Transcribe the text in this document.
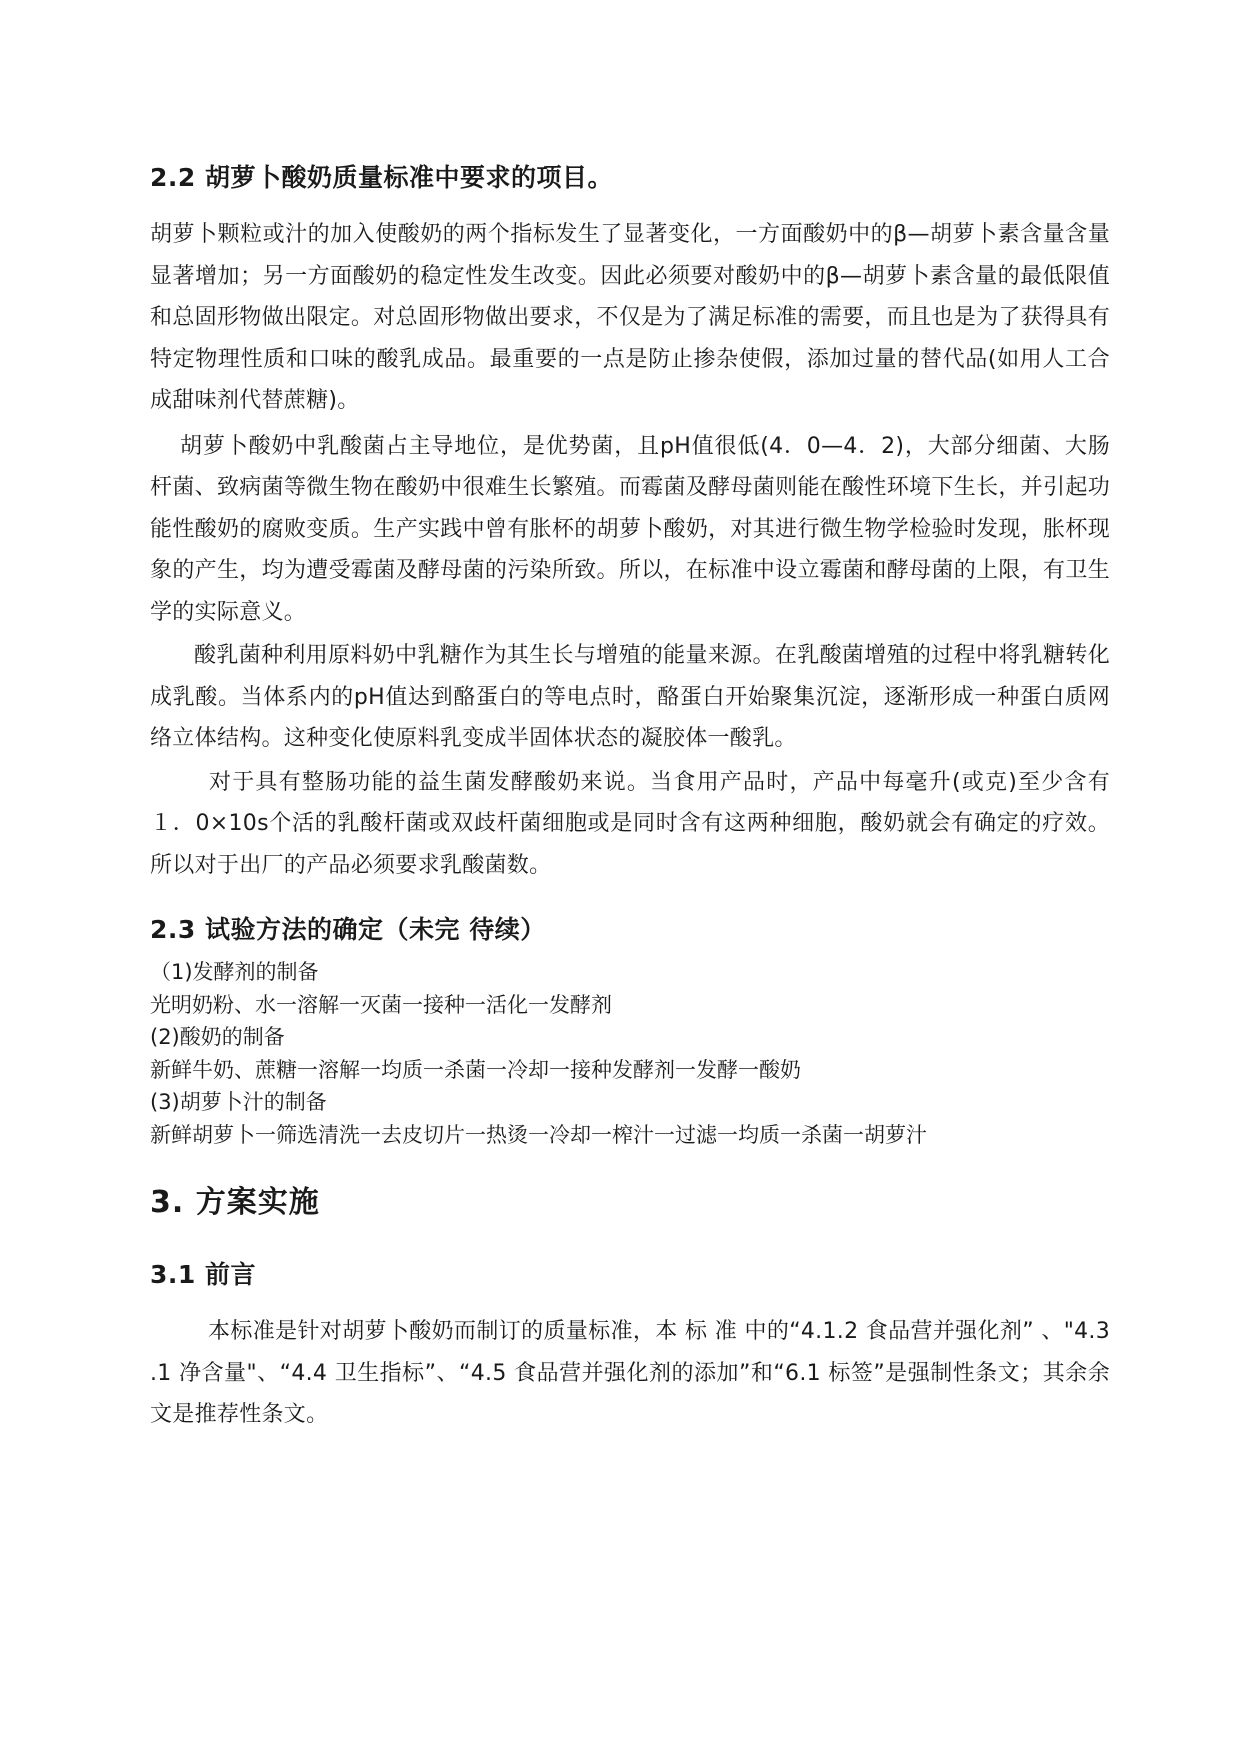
2.2 胡萝卜酸奶质量标准中要求的项目。

胡萝卜颗粒或汁的加入使酸奶的两个指标发生了显著变化，一方面酸奶中的β—胡萝卜素含量含量显著增加；另一方面酸奶的稳定性发生改变。因此必须要对酸奶中的β—胡萝卜素含量的最低限值和总固形物做出限定。对总固形物做出要求，不仅是为了满足标准的需要，而且也是为了获得具有特定物理性质和口味的酸乳成品。最重要的一点是防止掺杂使假，添加过量的替代品(如用人工合成甜味剂代替蔗糖)。

胡萝卜酸奶中乳酸菌占主导地位，是优势菌，且pH值很低(4．0—4．2)，大部分细菌、大肠杆菌、致病菌等微生物在酸奶中很难生长繁殖。而霉菌及酵母菌则能在酸性环境下生长，并引起功能性酸奶的腐败变质。生产实践中曾有胀杯的胡萝卜酸奶，对其进行微生物学检验时发现，胀杯现象的产生，均为遭受霉菌及酵母菌的污染所致。所以，在标准中设立霉菌和酵母菌的上限，有卫生学的实际意义。

酸乳菌种利用原料奶中乳糖作为其生长与增殖的能量来源。在乳酸菌增殖的过程中将乳糖转化成乳酸。当体系内的pH值达到酪蛋白的等电点时，酪蛋白开始聚集沉淀，逐渐形成一种蛋白质网络立体结构。这种变化使原料乳变成半固体状态的凝胶体一酸乳。

对于具有整肠功能的益生菌发酵酸奶来说。当食用产品时，产品中每毫升(或克)至少含有１．0×10s个活的乳酸杆菌或双歧杆菌细胞或是同时含有这两种细胞，酸奶就会有确定的疗效。所以对于出厂的产品必须要求乳酸菌数。

2.3 试验方法的确定（未完 待续）

（1)发酵剂的制备

光明奶粉、水一溶解一灭菌一接种一活化一发酵剂

(2)酸奶的制备

新鲜牛奶、蔗糖一溶解一均质一杀菌一冷却一接种发酵剂一发酵一酸奶

(3)胡萝卜汁的制备

新鲜胡萝卜一筛选清洗一去皮切片一热烫一冷却一榨汁一过滤一均质一杀菌一胡萝汁

3. 方案实施
3.1 前言

本标准是针对胡萝卜酸奶而制订的质量标准，本 标 准 中的“4.1.2 食品营并强化剂” 、"4.3 .1 净含量"、“4.4 卫生指标”、“4.5 食品营并强化剂的添加”和“6.1 标签”是强制性条文；其余余文是推荐性条文。
